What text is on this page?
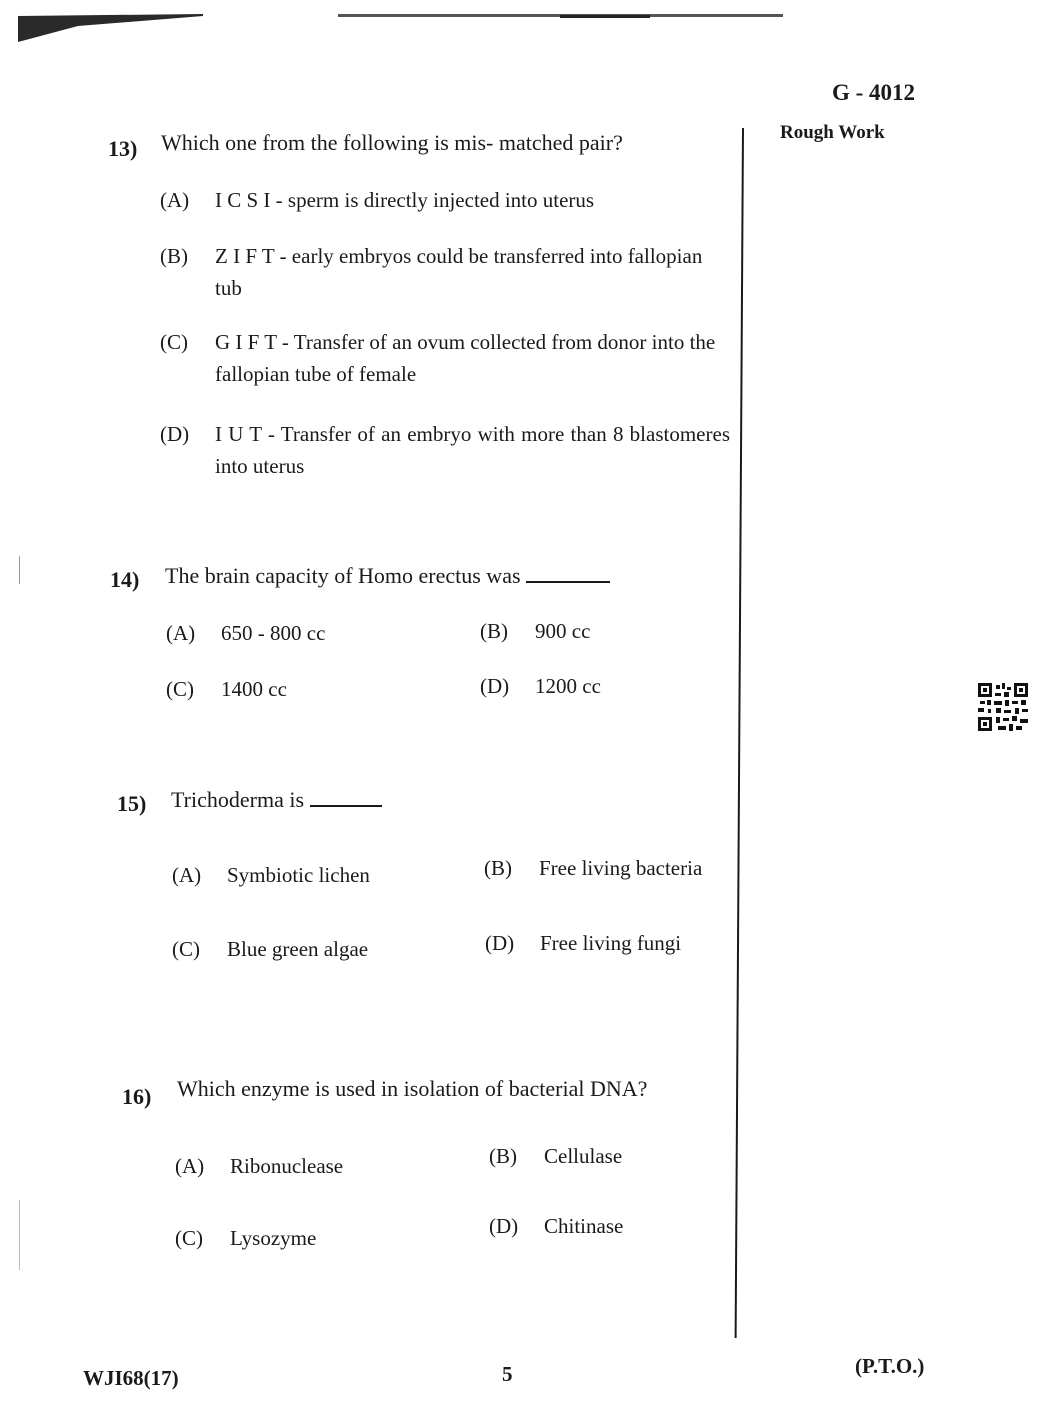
G - 4012
Rough Work
13) Which one from the following is mis- matched pair?
(A) I C S I - sperm is directly injected into uterus
(B) Z I F T - early embryos could be transferred into fallopian tub
(C) G I F T - Transfer of an ovum collected from donor into the fallopian tube of female
(D) I U T - Transfer of an embryo with more than 8 blastomeres into uterus
14) The brain capacity of Homo erectus was
(A) 650 - 800 cc	(B) 900 cc
(C) 1400 cc	(D) 1200 cc
15) Trichoderma is
(A) Symbiotic lichen	(B) Free living bacteria
(C) Blue green algae	(D) Free living fungi
16) Which enzyme is used in isolation of bacterial DNA?
(A) Ribonuclease	(B) Cellulase
(C) Lysozyme	(D) Chitinase
WJI68(17)	5	(P.T.O.)
